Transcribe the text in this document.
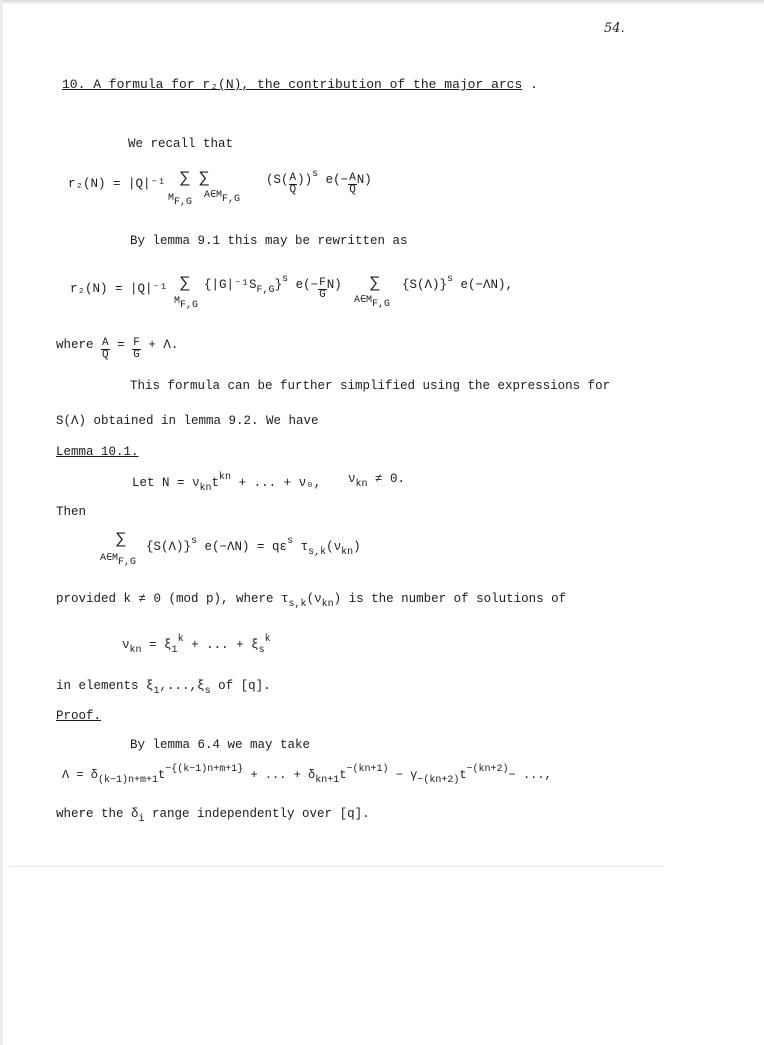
54.
10. A formula for r₂(N), the contribution of the major arcs .
We recall that
r₂(N) = |Q|⁻¹ ∑ ∑
MF,G
A∈MF,G
$(S( \frac{A}{Q} ))^s$ $e(- \frac{A}{Q} N)$
By lemma 9.1 this may be rewritten as
r₂(N) = |Q|⁻¹ ∑
MF,G
$\{|G|^{-1}S_{F,G}\}^s$ $e(- \frac{F}{G} N)$ ∑
A∈MF,G
$\{S(\Lambda)\}^s$ e(−ΛN),
where $\frac{A}{Q} = \frac{F}{G} + \Lambda$.
This formula can be further simplified using the expressions for
S(Λ) obtained in lemma 9.2. We have
Lemma 10.1.
Let $N = \nu_{kn}t^{kn}$ + ... + ν₀, $\nu_{kn} \ne 0$.
Then
∑
A∈MF,G
$\{S(\Lambda)\}^s$ $e(-\Lambda N) = q\varepsilon^s$ $\tau_{s,k}(\nu_{kn})$
provided k ≠ 0 (mod p), where $\tau_{s,k}(\nu_{kn})$ is the number of solutions of
$\nu_{kn} = \xi_1^k$ + ... + $\xi_s^k$
in elements $\xi_1,...,\xi_s$ of [q].
Proof.
By lemma 6.4 we may take
$\Lambda = \delta_{(k-1)n+m+1}t^{-\{(k-1)n+m+1\}}$ + ... + $\delta_{kn+1}t^{-(kn+1)} - \gamma_{-(kn+2)}t^{-(kn+2)}-$ ...,
where the $\delta_i$ range independently over [q].
